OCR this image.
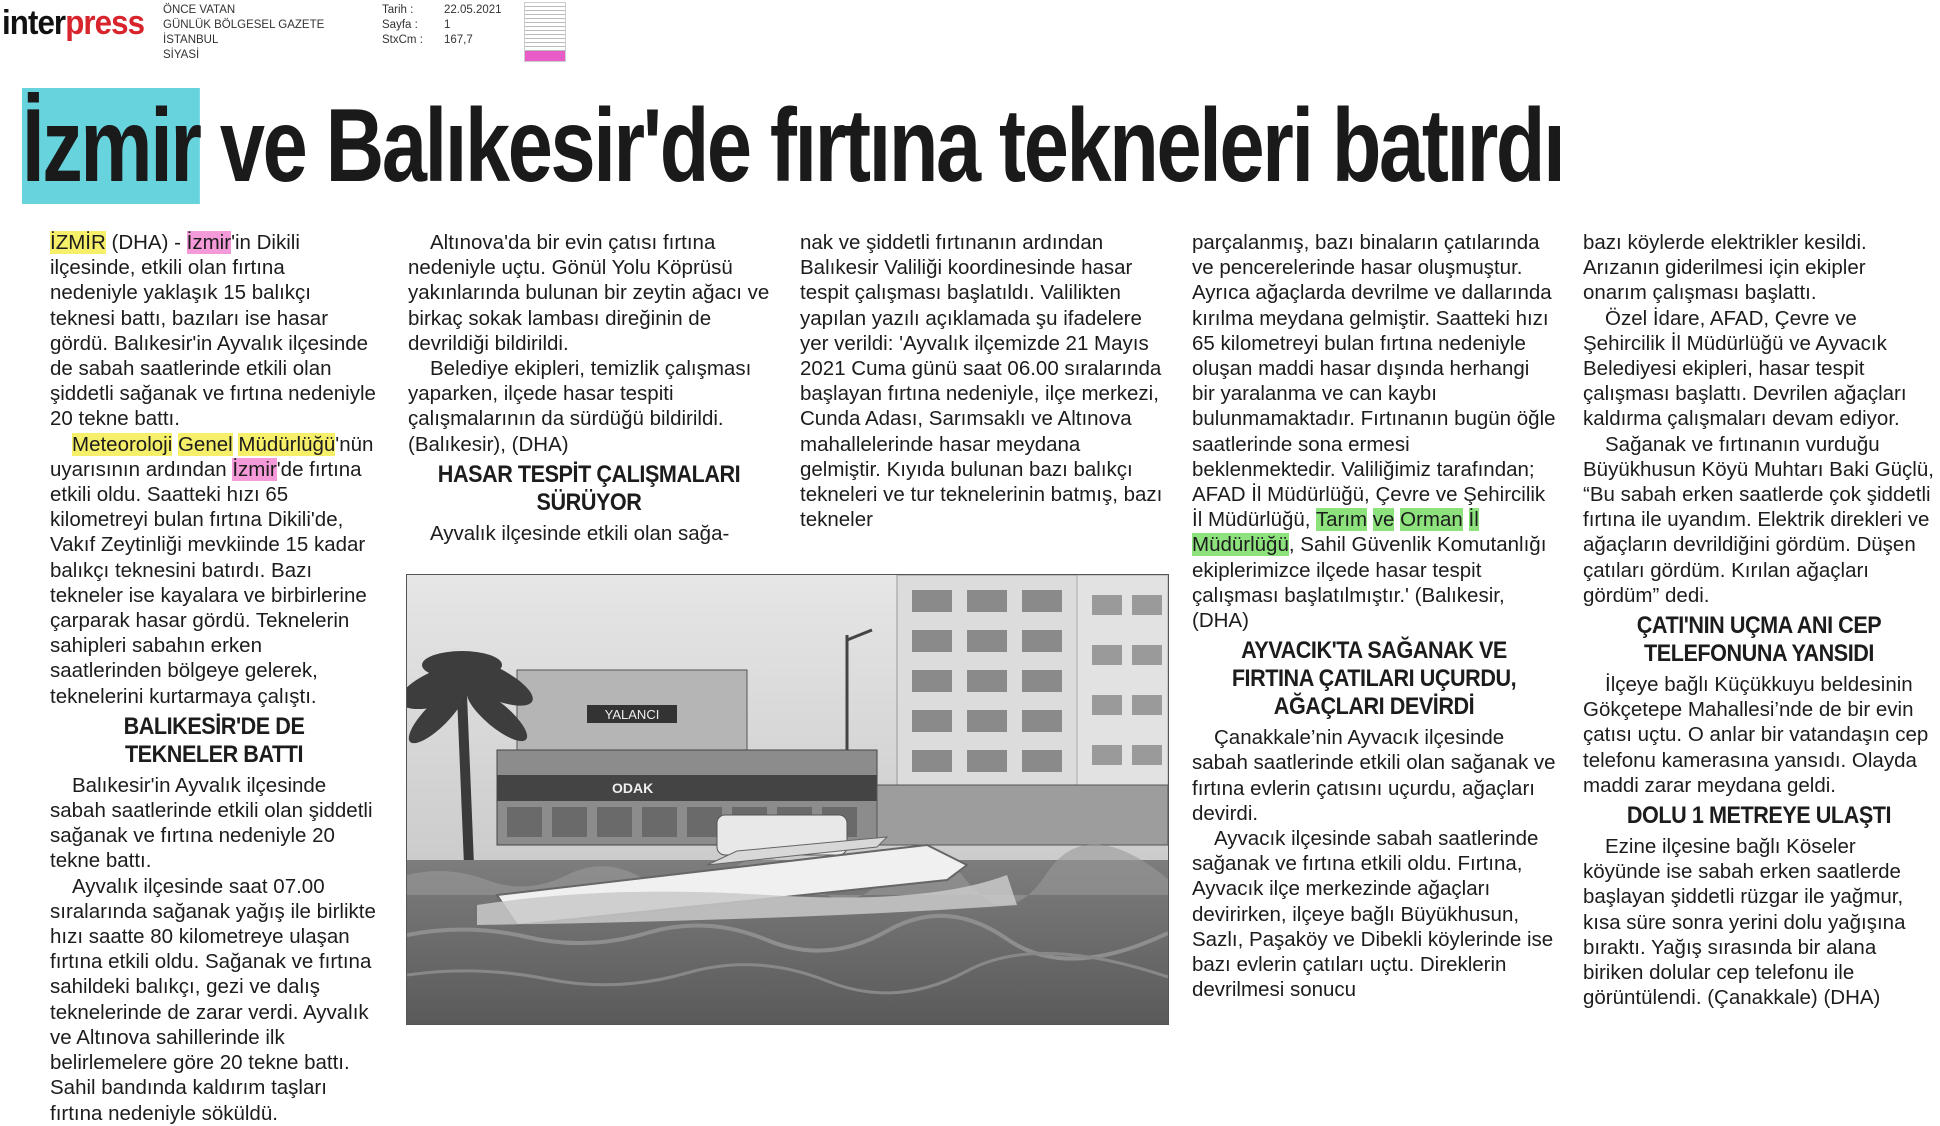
interpress ÖNCE VATAN
GÜNLÜK BÖLGESEL GAZETE
İSTANBUL
SİYASİ
Tarih :	22.05.2021
Sayfa : 1
StxCm : 167,7
İzmir ve Balıkesir'de fırtına tekneleri batırdı

İZMİR (DHA) - İzmir'in Dikili ilçesinde, etkili olan fırtına nedeniyle yaklaşık 15 balıkçı teknesi battı, bazıları ise hasar gördü. Balıkesir'in Ayvalık ilçesinde de sabah saatlerinde etkili olan şiddetli sağanak ve fırtına nedeniyle 20 tekne battı.

Meteoroloji Genel Müdürlüğü'nün uyarısının ardından İzmir'de fırtına etkili oldu. Saatteki hızı 65 kilometreyi bulan fırtına Dikili'de, Vakıf Zeytinliği mevkiinde 15 kadar balıkçı teknesini batırdı. Bazı tekneler ise kayalara ve birbirlerine çarparak hasar gördü. Teknelerin sahipleri sabahın erken saatlerinden bölgeye gelerek, teknelerini kurtarmaya çalıştı.

BALIKESİR'DE DE TEKNELER BATTI

Balıkesir'in Ayvalık ilçesinde sabah saatlerinde etkili olan şiddetli sağanak ve fırtına nedeniyle 20 tekne battı.

Ayvalık ilçesinde saat 07.00 sıralarında sağanak yağış ile birlikte hızı saatte 80 kilometreye ulaşan fırtına etkili oldu. Sağanak ve fırtına sahildeki balıkçı, gezi ve dalış teknelerinde de zarar verdi. Ayvalık ve Altınova sahillerinde ilk belirlemelere göre 20 tekne battı. Sahil bandında kaldırım taşları fırtına nedeniyle söküldü.

Altınova'da bir evin çatısı fırtına nedeniyle uçtu. Gönül Yolu Köprüsü yakınlarında bulunan bir zeytin ağacı ve birkaç sokak lambası direğinin de devrildiği bildirildi.

Belediye ekipleri, temizlik çalışması yaparken, ilçede hasar tespiti çalışmalarının da sürdüğü bildirildi. (Balıkesir), (DHA)

HASAR TESPİT ÇALIŞMALARI SÜRÜYOR

Ayvalık ilçesinde etkili olan sağa-

nak ve şiddetli fırtınanın ardından Balıkesir Valiliği koordinesinde hasar tespit çalışması başlatıldı. Valilikten yapılan yazılı açıklamada şu ifadelere yer verildi: 'Ayvalık ilçemizde 21 Mayıs 2021 Cuma günü saat 06.00 sıralarında başlayan fırtına nedeniyle, ilçe merkezi, Cunda Adası, Sarımsaklı ve Altınova mahallelerinde hasar meydana gelmiştir. Kıyıda bulunan bazı balıkçı tekneleri ve tur teknelerinin batmış, bazı tekneler

parçalanmış, bazı binaların çatılarında ve pencerelerinde hasar oluşmuştur. Ayrıca ağaçlarda devrilme ve dallarında kırılma meydana gelmiştir. Saatteki hızı 65 kilometreyi bulan fırtına nedeniyle oluşan maddi hasar dışında herhangi bir yaralanma ve can kaybı bulunmamaktadır. Fırtınanın bugün öğle saatlerinde sona ermesi beklenmektedir. Valiliğimiz tarafından; AFAD İl Müdürlüğü, Çevre ve Şehircilik İl Müdürlüğü, Tarım ve Orman İl Müdürlüğü, Sahil Güvenlik Komutanlığı ekiplerimizce ilçede hasar tespit çalışması başlatılmıştır.' (Balıkesir, (DHA)

AYVACIK'TA SAĞANAK VE FIRTINA ÇATILARI UÇURDU, AĞAÇLARI DEVİRDİ

Çanakkale’nin Ayvacık ilçesinde sabah saatlerinde etkili olan sağanak ve fırtına evlerin çatısını uçurdu, ağaçları devirdi.

Ayvacık ilçesinde sabah saatlerinde sağanak ve fırtına etkili oldu. Fırtına, Ayvacık ilçe merkezinde ağaçları devirirken, ilçeye bağlı Büyükhusun, Sazlı, Paşaköy ve Dibekli köylerinde ise bazı evlerin çatıları uçtu. Direklerin devrilmesi sonucu

bazı köylerde elektrikler kesildi. Arızanın giderilmesi için ekipler onarım çalışması başlattı.

Özel İdare, AFAD, Çevre ve Şehircilik İl Müdürlüğü ve Ayvacık Belediyesi ekipleri, hasar tespit çalışması başlattı. Devrilen ağaçları kaldırma çalışmaları devam ediyor.

Sağanak ve fırtınanın vurduğu Büyükhusun Köyü Muhtarı Baki Güçlü, “Bu sabah erken saatlerde çok şiddetli fırtına ile uyandım. Elektrik direkleri ve ağaçların devrildiğini gördüm. Düşen çatıları gördüm. Kırılan ağaçları gördüm” dedi.

ÇATI'NIN UÇMA ANI CEP TELEFONUNA YANSIDI

İlçeye bağlı Küçükkuyu beldesinin Gökçetepe Mahallesi’nde de bir evin çatısı uçtu. O anlar bir vatandaşın cep telefonu kamerasına yansıdı. Olayda maddi zarar meydana geldi.

DOLU 1 METREYE ULAŞTI

Ezine ilçesine bağlı Köseler köyünde ise sabah erken saatlerde başlayan şiddetli rüzgar ile yağmur, kısa süre sonra yerini dolu yağışına bıraktı. Yağış sırasında bir alana biriken dolular cep telefonu ile görüntülendi. (Çanakkale) (DHA)

YALANCI
ODAK
